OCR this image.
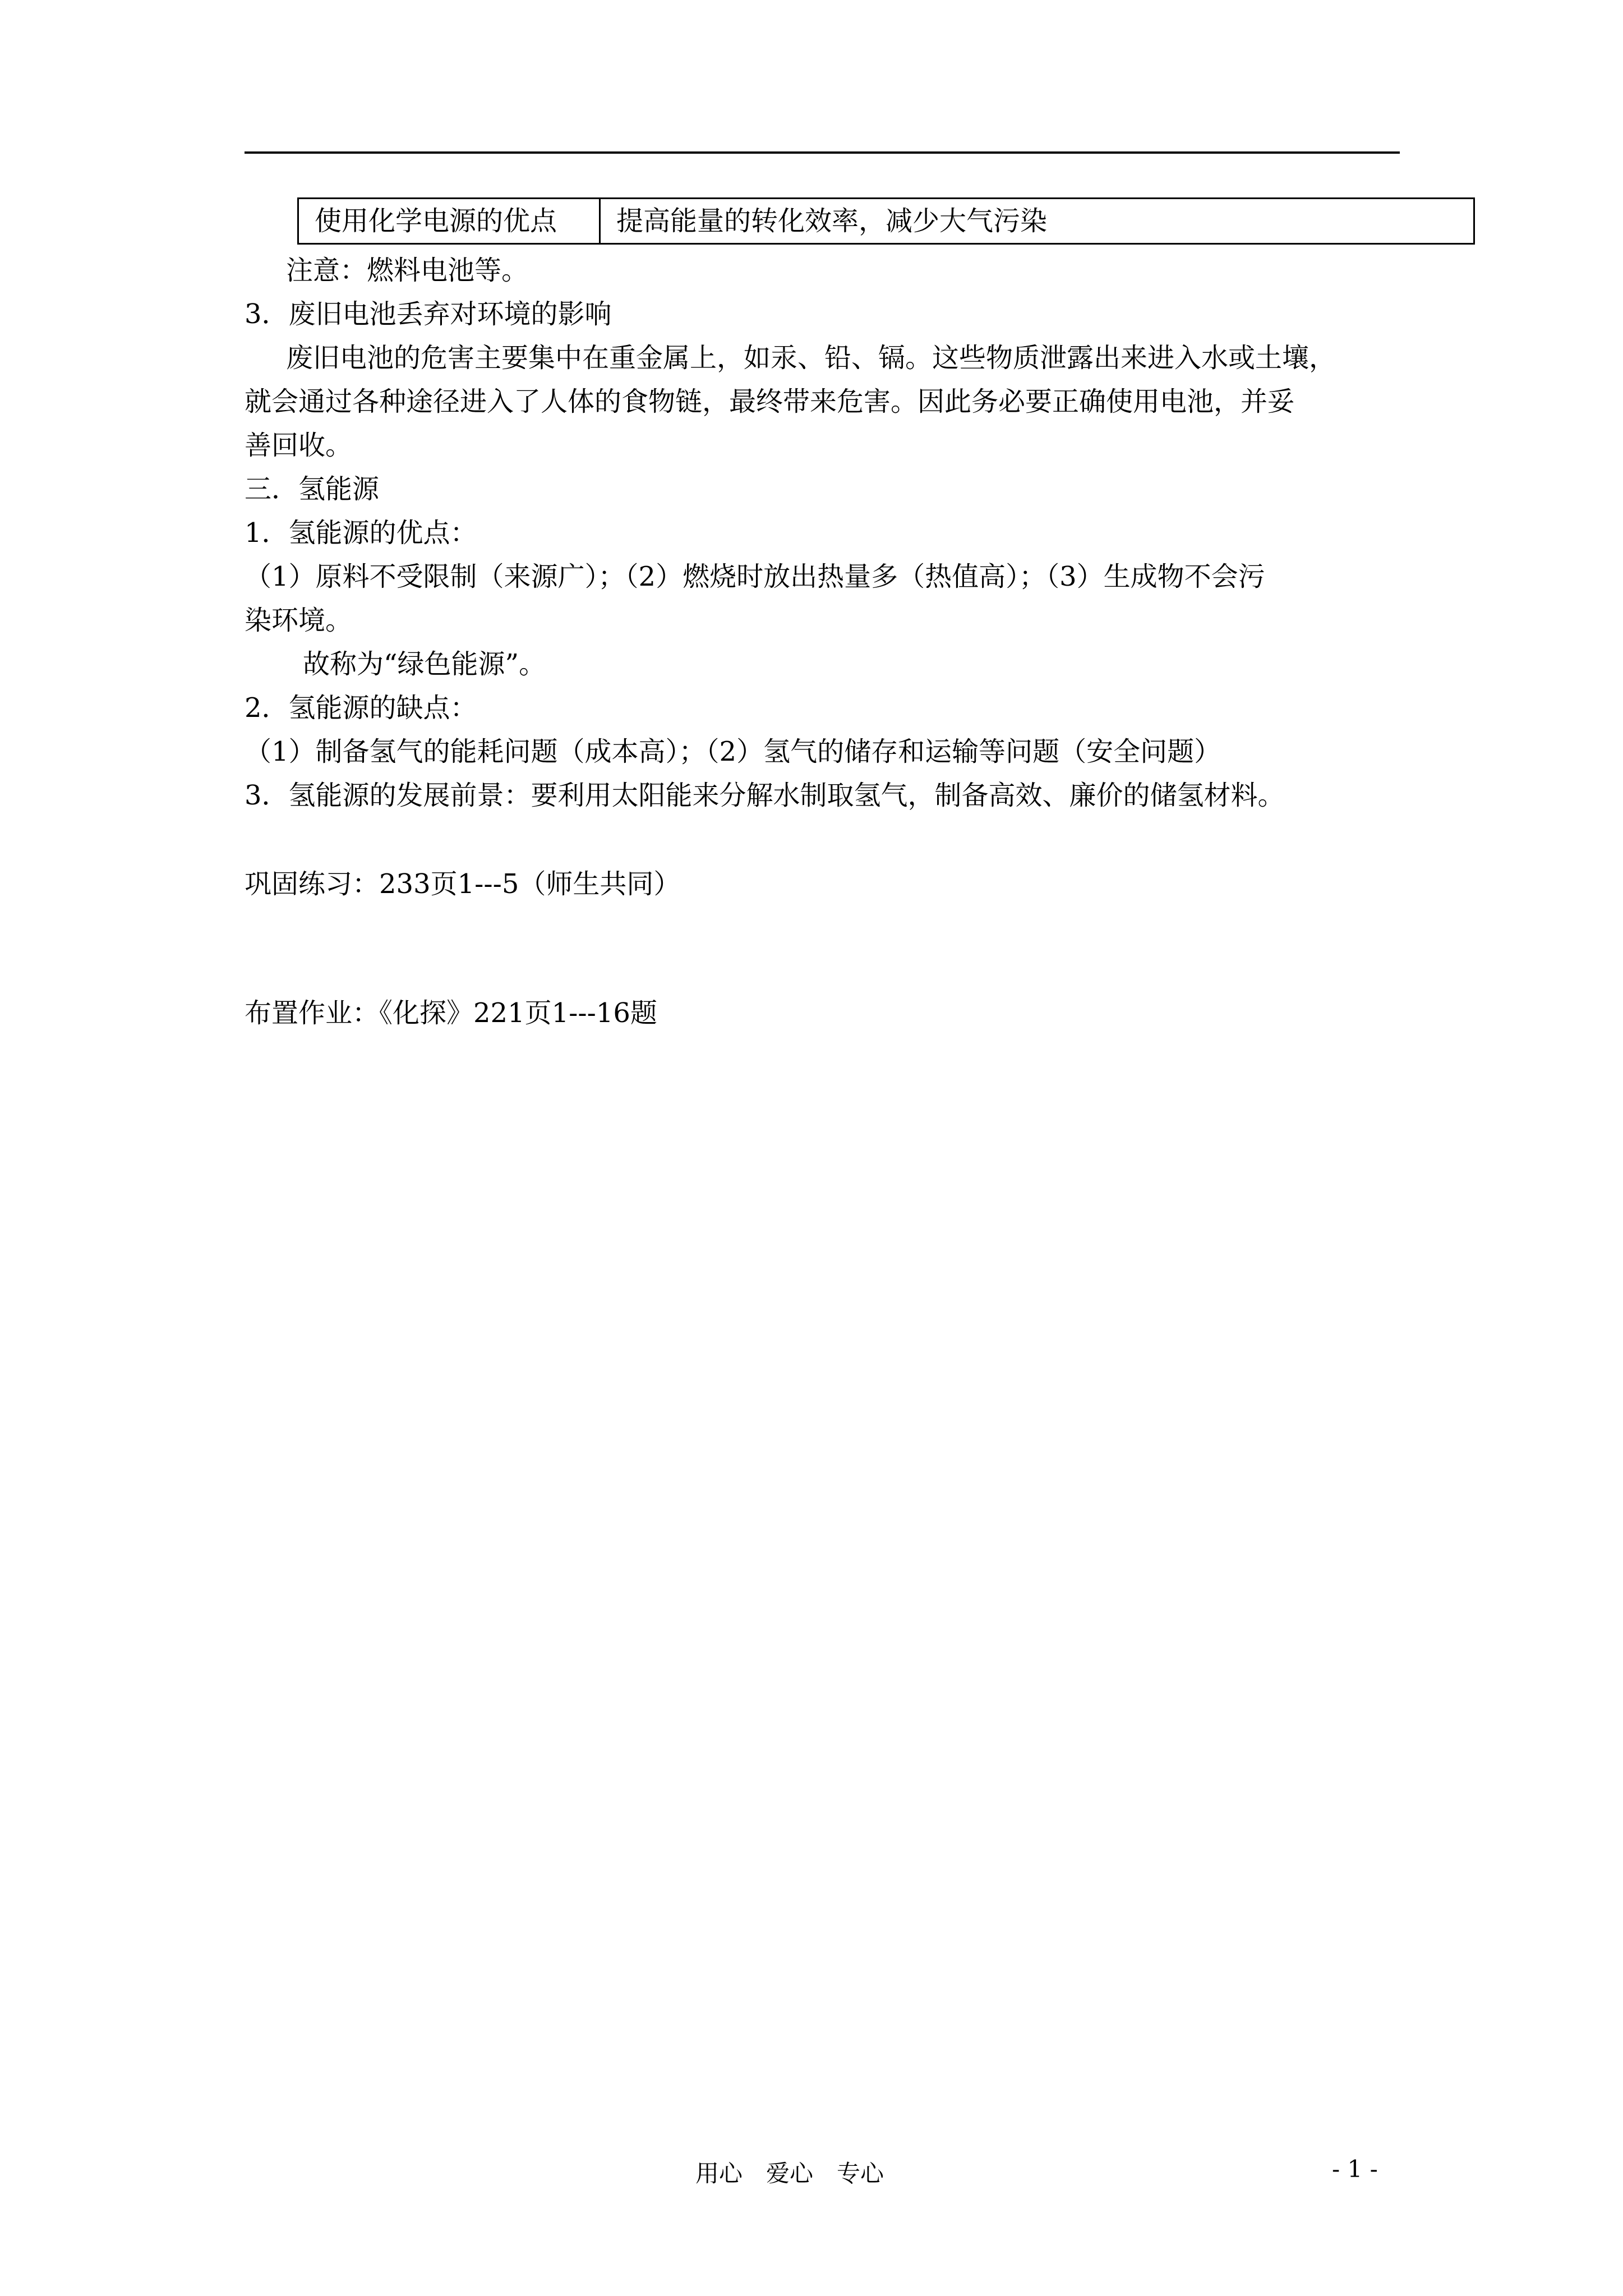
使用化学电源的优点	提高能量的转化效率，减少大气污染
注意：燃料电池等。
3．废旧电池丢弃对环境的影响
废旧电池的危害主要集中在重金属上，如汞、铅、镉。这些物质泄露出来进入水或土壤，
就会通过各种途径进入了人体的食物链，最终带来危害。因此务必要正确使用电池，并妥
善回收。
三．氢能源
1．氢能源的优点：
（1）原料不受限制（来源广）；（2）燃烧时放出热量多（热值高）；（3）生成物不会污
染环境。
故称为“绿色能源”。
2．氢能源的缺点：
（1）制备氢气的能耗问题（成本高）；（2）氢气的储存和运输等问题（安全问题）
3．氢能源的发展前景：要利用太阳能来分解水制取氢气，制备高效、廉价的储氢材料。
巩固练习：233页1---5（师生共同）
布置作业：《化探》221页1---16题
用心　爱心　专心	- 1 -
